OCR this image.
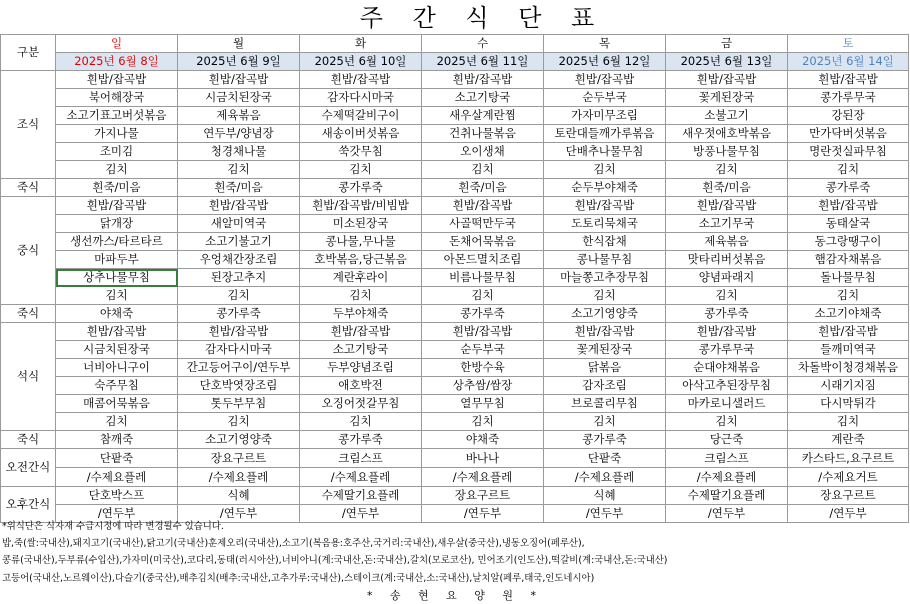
주 간 식 단 표
구분	일	월	화	수	목	금	토
	2025년 6월 8일	2025년 6월 9일	2025년 6월 10일	2025년 6월 11일	2025년 6월 12일	2025년 6월 13일	2025년 6월 14일
조식	흰밥/잡곡밥	흰밥/잡곡밥	흰밥/잡곡밥	흰밥/잡곡밥	흰밥/잡곡밥	흰밥/잡곡밥	흰밥/잡곡밥
	북어해장국	시금치된장국	감자다시마국	소고기탕국	순두부국	꽃게된장국	콩가루무국
	소고기표고버섯볶음	제육볶음	수제떡갈비구이	새우살계란찜	가자미무조림	소불고기	강된장
	가지나물	연두부/양념장	새송이버섯볶음	건취나물볶음	토란대들깨가루볶음	새우젓애호박볶음	만가닥버섯볶음
	조미김	청경채나물	쑥갓무침	오이생채	단배추나물무침	방풍나물무침	명란젓실파무침
	김치	김치	김치	김치	김치	김치	김치
죽식	흰죽/미음	흰죽/미음	콩가루죽	흰죽/미음	순두부야채죽	흰죽/미음	콩가루죽
중식	흰밥/잡곡밥	흰밥/잡곡밥	흰밥/잡곡밥/비빔밥	흰밥/잡곡밥	흰밥/잡곡밥	흰밥/잡곡밥	흰밥/잡곡밥
	닭개장	새알미역국	미소된장국	사골떡만두국	도토리묵채국	소고기무국	동태살국
	생선까스/타르타르	소고기불고기	콩나물,무나물	돈채어묵볶음	한식잡채	제육볶음	동그랑땡구이
	마파두부	우엉채간장조림	호박볶음,당근볶음	아몬드멸치조림	콩나물무침	맛타리버섯볶음	햄감자채볶음
	상추나물무침	된장고추지	계란후라이	비름나물무침	마늘쫑고추장무침	양념파래지	돌나물무침
	김치	김치	김치	김치	김치	김치	김치
죽식	야채죽	콩가루죽	두부야채죽	콩가루죽	소고기영양죽	콩가루죽	소고기야채죽
석식	흰밥/잡곡밥	흰밥/잡곡밥	흰밥/잡곡밥	흰밥/잡곡밥	흰밥/잡곡밥	흰밥/잡곡밥	흰밥/잡곡밥
	시금치된장국	감자다시마국	소고기탕국	순두부국	꽃게된장국	콩가루무국	들깨미역국
	너비아니구이	간고등어구이/연두부	두부양념조림	한방수육	닭볶음	순대야채볶음	차돌박이청경채볶음
	숙주무침	단호박엿장조림	애호박전	상추쌈/쌈장	감자조림	아삭고추된장무침	시래기지짐
	매콤어묵볶음	톳두부무침	오징어젓갈무침	열무무침	브로콜리무침	마카로니샐러드	다시막튀각
	김치	김치	김치	김치	김치	김치	김치
죽식	참깨죽	소고기영양죽	콩가루죽	야채죽	콩가루죽	당근죽	계란죽
오전간식	단팥죽	장요구르트	크림스프	바나나	단팥죽	크림스프	카스타드,요구르트
	/수제요플레	/수제요플레	/수제요플레	/수제요플레	/수제요플레	/수제요플레	/수제요거트
오후간식	단호박스프	식혜	수제딸기요플레	장요구르트	식혜	수제딸기요플레	장요구르트
	/연두부	/연두부	/연두부	/연두부	/연두부	/연두부	/연두부
*위식단은 식자재 수급시정에 따라 변경될수 있습니다.
밥,죽(쌀:국내산),돼지고기(국내산),닭고기(국내산)훈제오리(국내산),소고기(복음용:호주산,국거리:국내산),새우살(중국산),냉동오징어(페루산),
콩류(국내산),두부류(수입산),가자미(미국산),코다리,동태(러시아산),너비아니(계:국내산,돈:국내산),갈치(모로코산), 민어조기(인도산),떡갈비(계:국내산,돈:국내산)
고등어(국내산,노르웨이산),다슬기(중국산),배추김치(배추:국내산,고추가루:국내산),스테이크(계:국내산,소:국내산),날치알(페루,태국,인도네시아)
* 송 현 요 양 원 *
